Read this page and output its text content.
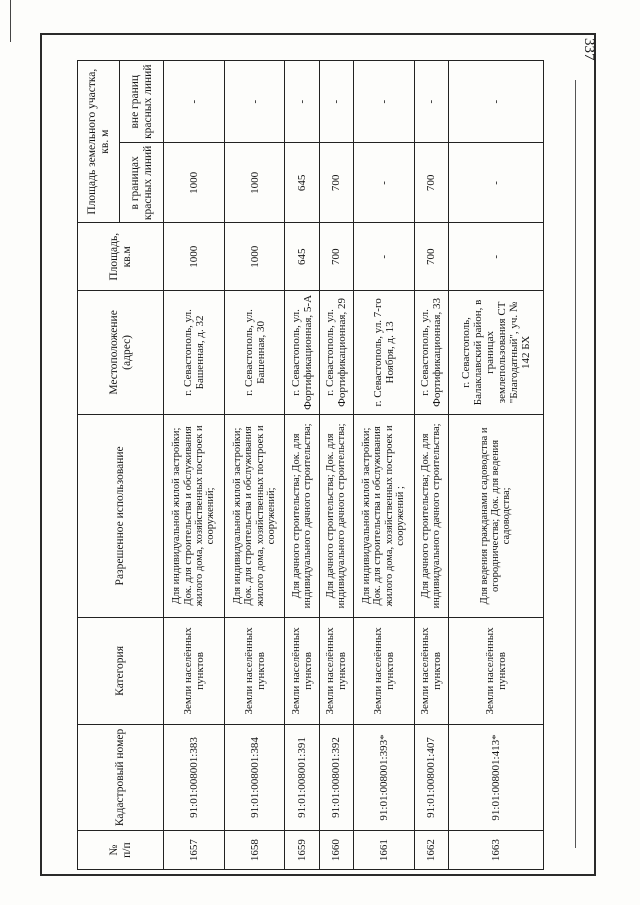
337
№
п/п	Кадастровый номер	Категория	Разрешенное использование	Местоположение (адрес)	Площадь, кв.м	Площадь земельного участка, кв. м	
						в границах красных линий	вне границ красных линий
1657	91:01:008001:383	Земли населённых пунктов	Для индивидуальной жилой застройки; Док. для строительства и обслуживания жилого дома, хозяйственных построек и сооружений;	г. Севастополь, ул. Башенная, д. 32	1000	1000	-
1658	91:01:008001:384	Земли населённых пунктов	Для индивидуальной жилой застройки; Док. для строительства и обслуживания жилого дома, хозяйственных построек и сооружений;	г. Севастополь, ул. Башенная, 30	1000	1000	-
1659	91:01:008001:391	Земли населённых пунктов	Для дачного строительства; Док. для индивидуального дачного строительства;	г. Севастополь, ул. Фортификационная, 5-А	645	645	-
1660	91:01:008001:392	Земли населённых пунктов	Для дачного строительства; Док. для индивидуального дачного строительства;	г. Севастополь, ул. Фортификационная, 29	700	700	-
1661	91:01:008001:393*	Земли населённых пунктов	Для индивидуальной жилой застройки; Док. для строительства и обслуживания жилого дома, хозяйственных построек и сооружений ;	г. Севастополь, ул. 7-го Ноября, д. 13	-	-	-
1662	91:01:008001:407	Земли населённых пунктов	Для дачного строительства; Док. для индивидуального дачного строительства;	г. Севастополь, ул. Фортификационная, 33	700	700	-
1663	91:01:008001:413*	Земли населённых пунктов	Для ведения гражданами садоводства и огородничества; Док. для ведения садоводства;	г. Севастополь, Балаклавский район, в границах землепользования СТ "Благодатный", уч. № 142 БХ	-	-	-
